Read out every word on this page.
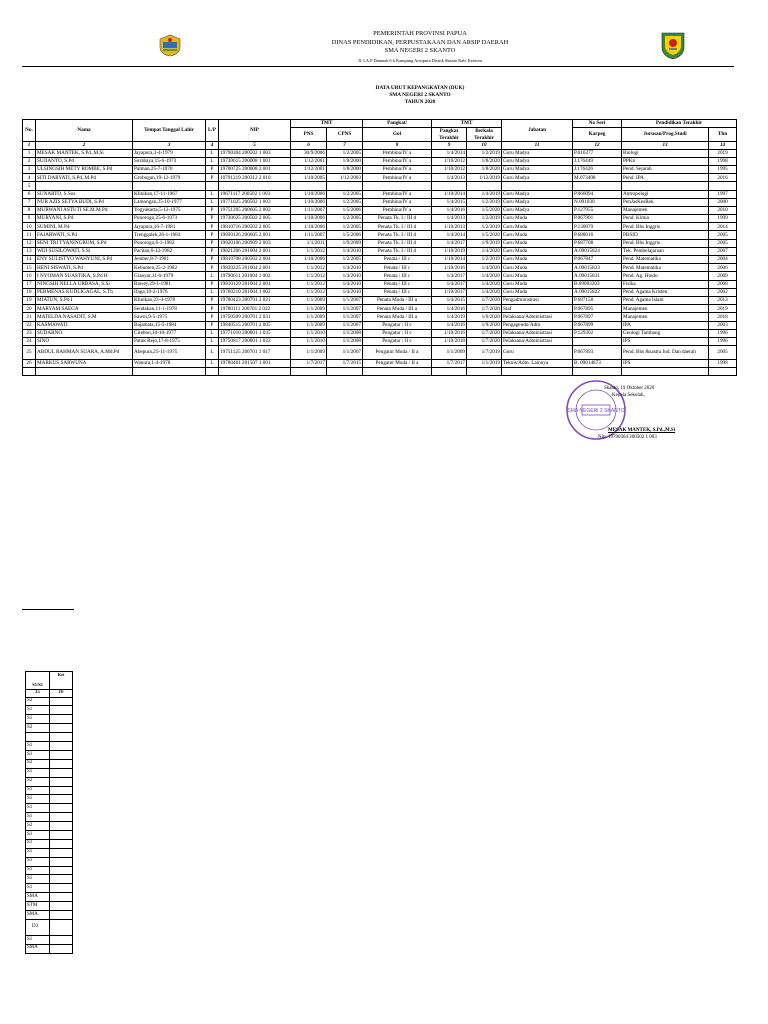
PEMERINTAH PROVINSI PAPUA
DINAS PENDIDIKAN, PERPUSTAKAAN DAN ARSIP DAERAH
SMA NEGERI 2 SKANTO
Jl. I.A.P Damaoh 6 k Kampung Arsopura Distrik Skanto Kab. Keerom
DATA URUT KEPANGKATAN (DUK)
SMA NEGERI 2 SKANTO
TAHUN 2020
No.	Nama	Tempat Tanggal Lahir	L/P	NIP	TMT		Pangkat/	TMT		Jabatan	No Seri	Pendidikan Terakhir	
					PNS	CPNS	Gol	Pangkat Terakhir	Berkala Terakhir		Karpeg	Jurusan/Prog.Studi	Thn
1	2	3	4	5	6	7	8	9	10	11	12	13	14
1	MESAK MANTEK, S.Pd.,M.Si	Jayapura,3-4-1979	L	19790304 200502 1 003	30/9/2006	1/2/2005	Pembina/IV a	1/4/2014	1/2/2019	Guru Madya	P.016377	Biologi	2019
2	SUJIANTO, S.Pd	Surabaya,15-6-1973	L	19730615 200008 1 001	1/12/2001	1/8/2000	Pembina/IV a	1/10/2012	1/8/2020	Guru Madya	J.176449	PPKn	1998
3	ULSINGSIH METY ROMBE, S.Pd	Palman,25-7-1970	P	19700725 200008 2 001	1/12/2001	1/8/2000	Pembina/IV a	1/10/2012	1/8/2020	Guru Madya	J.176426	Pend. Sejarah	1995
4	SITI DARYATI, S.Pd.,M.Pd	Grobogan,19-12-1979	P	10791219 200312 2 010	1/10/2005	1/12/2003	Pembina/IV a	1/4/2013	1/12/2019	Guru Madya	M.073408	Pend. IPA	2016
5													
6	SUNARTO, S.Sos	Klinikan,17-11-1967	L	19671117 200502 1 003	1/10/2006	1/2/2005	Pembina/IV a	1/10/2014	1/4/2019	Guru Madya	P.066094	Antropologi	1997
7	NUR AZIS SETYA BUDI, S.Pd	Lamongan,25-10-1977	L	19771025 200502 1 003	1/10/2006	1/2/2005	Pembina/IV a	1/4/2015	1/2/2019	Guru Madya	N.091830	PenJasKesRek	2000
8	MURWANI ASTUTI SE.M.M.Pd	Yogyakarta,5-12-1975	P	19751205 200605 2 002	1/11/2007	1/5/2006	Pembina/IV a	1/4/2016	1/5/2020	Guru Madya	P.127955	Manajemen	2010
9	MURYANI, S.Pd	Ponorogo,25-6-1973	P	19730625 200502 2 005	1/10/2006	1/2/2005	Penata Tk. I / III d	1/4/2013	1/2/2019	Guru Muda	P.067901	Pend. Kimia	1999
10	SUMINI, M.Pd	Jayapura,16-7-1981	P	19810716 200502 2 005	1/10/2006	1/2/2005	Penata Tk. I / III d	1/10/2013	1/2/2019	Guru Muda	P.130079	Pend. Bhs Inggris	2014
11	FAJARWATI, S.Pd	Trenggalek,26-1-1983	P	19830126 200605 2 001	1/11/2007	1/5/2006	Penata Tk. I / III d	1/4/2014	1/5/2020	Guru Muda	P.688016	PBSID	2005
12	SENI TRI TYANINGRUM, S.Pd	Ponorogo,6-1-1982	P	19820106 200909 2 003	1/1/2011	1/9/2009	Penata Tk. I / III d	1/4/2017	1/9/2019	Guru Muda	P.687708	Pend. Bhs Inggris	2005
13	WIJI SUSILOWATI, S.Si	Pacitan,6-12-1982	P	19821206 201004 2 001	1/1/2012	1/4/2010	Penata Tk. I / III d	1/10/2019	1/4/2020	Guru Muda	A.09015824	Tek. Pembelajaraan	2007
14	ENY SULISTYO WAHYUNI, S.Pd	Jember,8-7-1981	P	19810708 200502 2 004	1/10/2006	1/2/2005	Penata / III c	1/10/2014	1/2/2019	Guru Muda	P.067847	Pend. Matematika	2004
15	HENI SISWATI, S.Pd	Kebumen,25-2-1982	P	19820225 201004 2 001	1/1/2012	1/4/2010	Penata / III c	1/10/2016	1/4/2020	Guru Muda	A.09015823	Pend. Matematika	2006
16	I NYOMAN SUASTIKA, S.Pd H	Gianyar,11-6-1979	L	19790611 201004 1 002	1/1/2012	1/4/2010	Penata / III c	1/4/2017	1/4/2020	Guru Muda	A.09015831	Pend. Ag. Hindu	2009
17	NINGSIH NELLA URBASA, S.Si	Bawey,29-1-1981	P	19810129 201004 2 001	1/1/2012	1/4/2010	Penata / III c	1/4/2017	1/4/2020	Guru Muda	B.09003203	Fisika	2008
18	PERMENAS KUDLIGAGAL, S.Th	Ifaga,10-2-1976	L	19760210 201004 1 002	1/1/2012	1/4/2010	Penata / III c	1/10/2017	1/4/2020	Guru Muda	A.09015822	Pend. Agama Kristen	2002
19	MIATUN, S.Pd I	Klinikan,23-4-1978	P	19780423 200701 2 021	1/1/2009	1/1/2007	Penata Muda / III a	1/4/2015	1/7/2020	Pengadministrasi	P.687158	Pend. Agama Islam	2013
20	MARYAM SAEGA	Sendakan,11-1-1978	P	19780111 200701 2 022	1/1/2009	1/1/2007	Penata Muda / III a	1/4/2016	1/7/2020	Staf	P.067895	Manajemen	2019
21	MATELDA NASADIT, S.M	Sawoi,9-5-1975	P	19750509 200701 2 031	1/1/2009	1/1/2007	Penata Muda / III a	1/4/2019	1/6/2020	Pelaksana/Administrasi	P.067897	Manajemen	2018
22	KASMAWATI	Bajamata,15-5-1984	P	19840515 200701 2 005	1/1/2009	1/1/2007	Pengatur / II c	1/4/2016	1/9/2020	Pengagendo/Adm	P.067899	IPA	2003
23	SUDARNO	Cirebon,10-10-1977	L	19771010 200801 1 035	1/1/2010	1/1/2008	Pengatur / II c	1/10/2016	1/7/2020	Pelaksana/Administrasi	P.129302	Geologi Tambang	1996
24	SINO	Patuk Rejo,17-8-1975	L	19750817 200801 1 022	1/1/2010	1/1/2008	Pengatur / II c	1/10/2018	1/7/2020	Pelaksana/Administrasi		IPS	1996
25	ABDUL RAHMAN SUARA, A.Md.Pd	Abepura,25-11-1975	L	19751125 200701 1 017	1/1/2009	1/1/2007	Pengatur Muda / II a	1/1/2009	1/7/2019	Guru	P.067893	Pend. Bhs &sastra Ind. Dan daerah	2005
26	MARKUS SARWUNA	Wanura,1-4-1978	L	19780401 201507 1 001	1/7/2017	1/7/2015	Pengatur Muda / II a	1/7/2017	1/1/2019	Teknis/Adm. Lainnya	B. 09014873	IPS	1998

SMA NEGERI 2 SKANTO
Skanto, 19 Oktober 2020
Kepala Sekolah,
MESAK MANTEK, S.Pd.,M.Si
Nip. 19790304 200502 1 003
S1/S2	Ket
15	16
S2	
S1	
S1	
S2	

S1	
S1	
S2	
S1	
S2	
S1	
S1	
S1	
S1	
S2	
S1	
S1	
S1	
S1	
S1	
S1	
S1	
SMA	
STM	
SMA	
D3	
S1	
SMA	
